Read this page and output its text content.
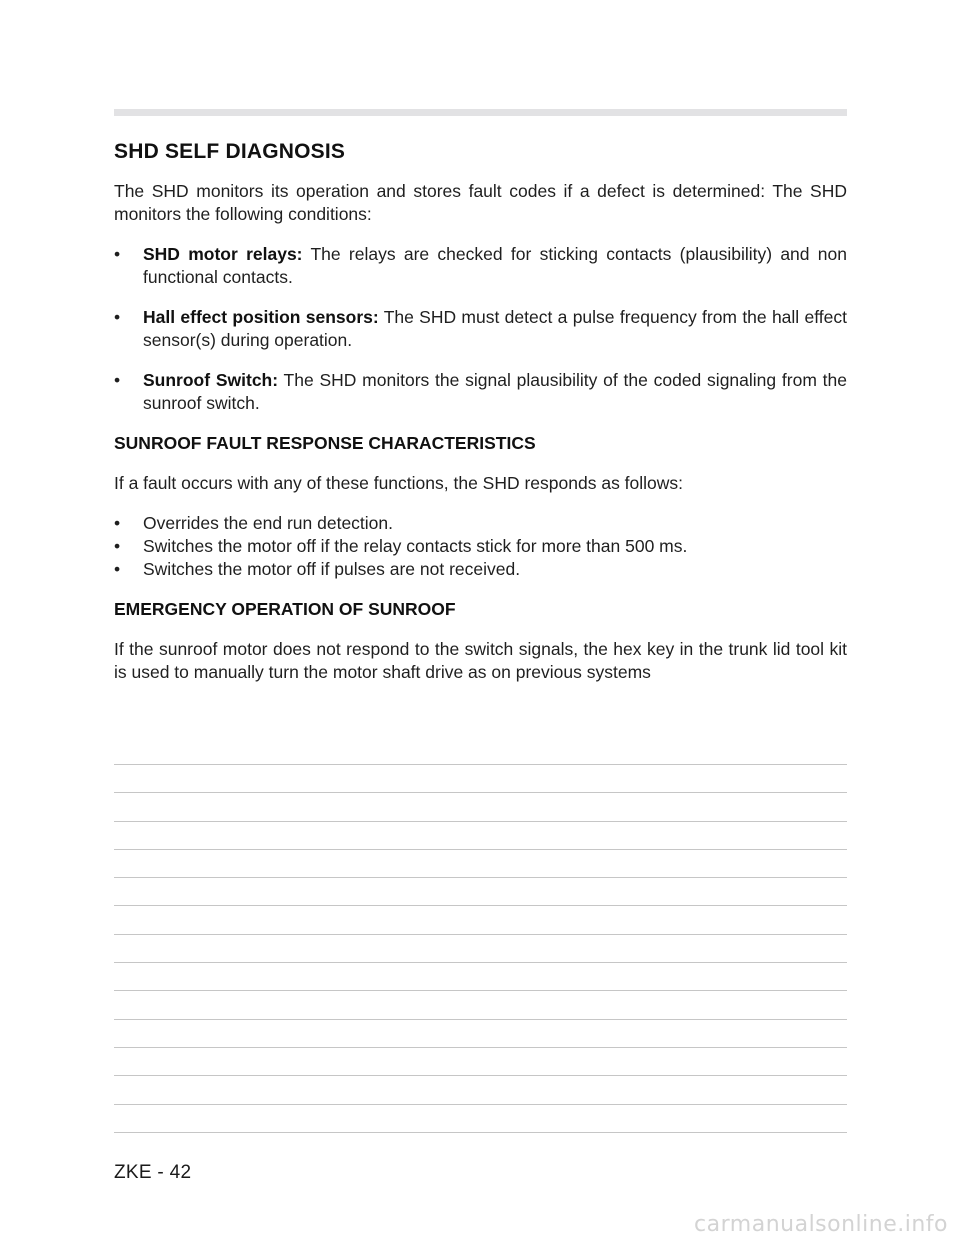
SHD SELF DIAGNOSIS

The SHD monitors its operation and stores fault codes if a defect is determined: The SHD monitors the following conditions:

• SHD motor relays: The relays are checked for sticking contacts (plausibility) and non functional contacts.
• Hall effect position sensors: The SHD must detect a pulse frequency from the hall effect sensor(s) during operation.
• Sunroof Switch: The SHD monitors the signal plausibility of the coded signaling from the sunroof switch.
SUNROOF FAULT RESPONSE CHARACTERISTICS

If a fault occurs with any of these functions, the SHD responds as follows:

• Overrides the end run detection.
• Switches the motor off if the relay contacts stick for more than 500 ms.
• Switches the motor off if pulses are not received.
EMERGENCY OPERATION OF SUNROOF

If the sunroof motor does not respond to the switch signals, the hex key in the trunk lid tool kit is used to manually turn the motor shaft drive as on previous systems

ZKE - 42
carmanualsonline.info
